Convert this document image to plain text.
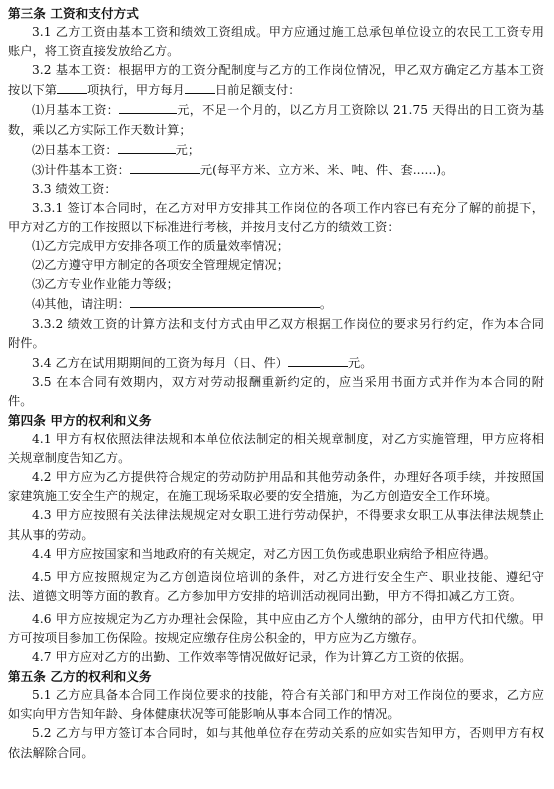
第三条 工资和支付方式
3.1 乙方工资由基本工资和绩效工资组成。甲方应通过施工总承包单位设立的农民工工资专用账户，将工资直接发放给乙方。
3.2 基本工资：根据甲方的工资分配制度与乙方的工作岗位情况，甲乙双方确定乙方基本工资按以下第 项执行，甲方每月 日前足额支付：
⑴月基本工资：	元，不足一个月的，以乙方月工资除以 21.75 天得出的日工资为基数，乘以乙方实际工作天数计算；
⑵日基本工资：	元；
⑶计件基本工资：	元(每平方米、立方米、米、吨、件、套......)。
3.3 绩效工资：
3.3.1 签订本合同时，在乙方对甲方安排其工作岗位的各项工作内容已有充分了解的前提下，甲方对乙方的工作按照以下标准进行考核，并按月支付乙方的绩效工资：
⑴乙方完成甲方安排各项工作的质量效率情况；
⑵乙方遵守甲方制定的各项安全管理规定情况；
⑶乙方专业作业能力等级；
⑷其他，请注明：	。
3.3.2 绩效工资的计算方法和支付方式由甲乙双方根据工作岗位的要求另行约定，作为本合同附件。
3.4 乙方在试用期期间的工资为每月（日、件）	元。
3.5 在本合同有效期内，双方对劳动报酬重新约定的，应当采用书面方式并作为本合同的附件。
第四条 甲方的权利和义务
4.1 甲方有权依照法律法规和本单位依法制定的相关规章制度，对乙方实施管理，甲方应将相关规章制度告知乙方。
4.2 甲方应为乙方提供符合规定的劳动防护用品和其他劳动条件，办理好各项手续，并按照国家建筑施工安全生产的规定，在施工现场采取必要的安全措施，为乙方创造安全工作环境。
4.3 甲方应按照有关法律法规规定对女职工进行劳动保护，不得要求女职工从事法律法规禁止其从事的劳动。
4.4 甲方应按国家和当地政府的有关规定，对乙方因工负伤或患职业病给予相应待遇。
4.5 甲方应按照规定为乙方创造岗位培训的条件，对乙方进行安全生产、职业技能、遵纪守法、道德文明等方面的教育。乙方参加甲方安排的培训活动视同出勤，甲方不得扣减乙方工资。
4.6 甲方应按规定为乙方办理社会保险，其中应由乙方个人缴纳的部分，由甲方代扣代缴。甲方可按项目参加工伤保险。按规定应缴存住房公积金的，甲方应为乙方缴存。
4.7 甲方应对乙方的出勤、工作效率等情况做好记录，作为计算乙方工资的依据。
第五条 乙方的权利和义务
5.1 乙方应具备本合同工作岗位要求的技能，符合有关部门和甲方对工作岗位的要求，乙方应如实向甲方告知年龄、身体健康状况等可能影响从事本合同工作的情况。
5.2 乙方与甲方签订本合同时，如与其他单位存在劳动关系的应如实告知甲方，否则甲方有权依法解除合同。
